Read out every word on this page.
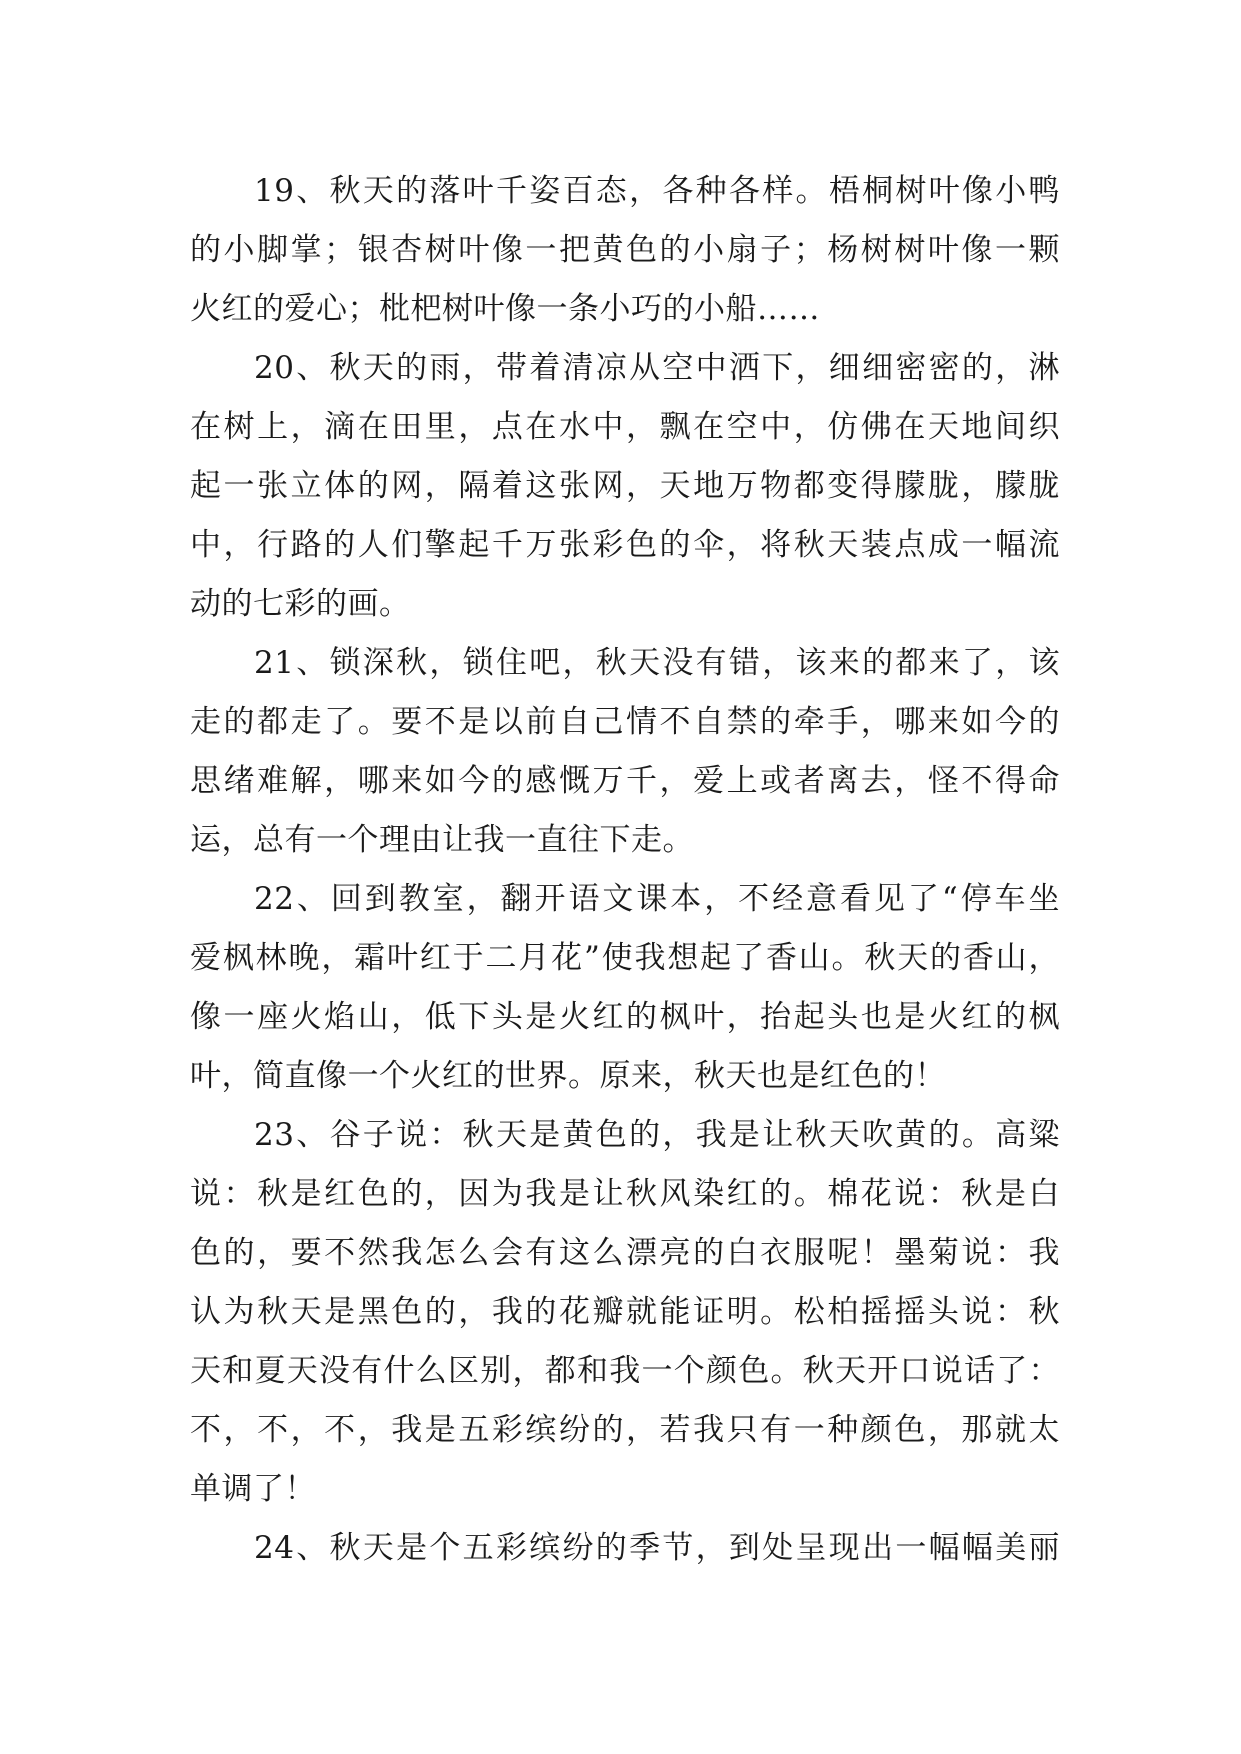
19、秋天的落叶千姿百态，各种各样。梧桐树叶像小鸭
的小脚掌；银杏树叶像一把黄色的小扇子；杨树树叶像一颗
火红的爱心；枇杷树叶像一条小巧的小船……
20、秋天的雨，带着清凉从空中洒下，细细密密的，淋
在树上，滴在田里，点在水中，飘在空中，仿佛在天地间织
起一张立体的网，隔着这张网，天地万物都变得朦胧，朦胧
中，行路的人们擎起千万张彩色的伞，将秋天装点成一幅流
动的七彩的画。
21、锁深秋，锁住吧，秋天没有错，该来的都来了，该
走的都走了。要不是以前自己情不自禁的牵手，哪来如今的
思绪难解，哪来如今的感慨万千，爱上或者离去，怪不得命
运，总有一个理由让我一直往下走。
22、回到教室，翻开语文课本，不经意看见了“停车坐
爱枫林晚，霜叶红于二月花”使我想起了香山。秋天的香山，
像一座火焰山，低下头是火红的枫叶，抬起头也是火红的枫
叶，简直像一个火红的世界。原来，秋天也是红色的！
23、谷子说：秋天是黄色的，我是让秋天吹黄的。高粱
说：秋是红色的，因为我是让秋风染红的。棉花说：秋是白
色的，要不然我怎么会有这么漂亮的白衣服呢！墨菊说：我
认为秋天是黑色的，我的花瓣就能证明。松柏摇摇头说：秋
天和夏天没有什么区别，都和我一个颜色。秋天开口说话了：
不，不，不，我是五彩缤纷的，若我只有一种颜色，那就太
单调了！
24、秋天是个五彩缤纷的季节，到处呈现出一幅幅美丽
